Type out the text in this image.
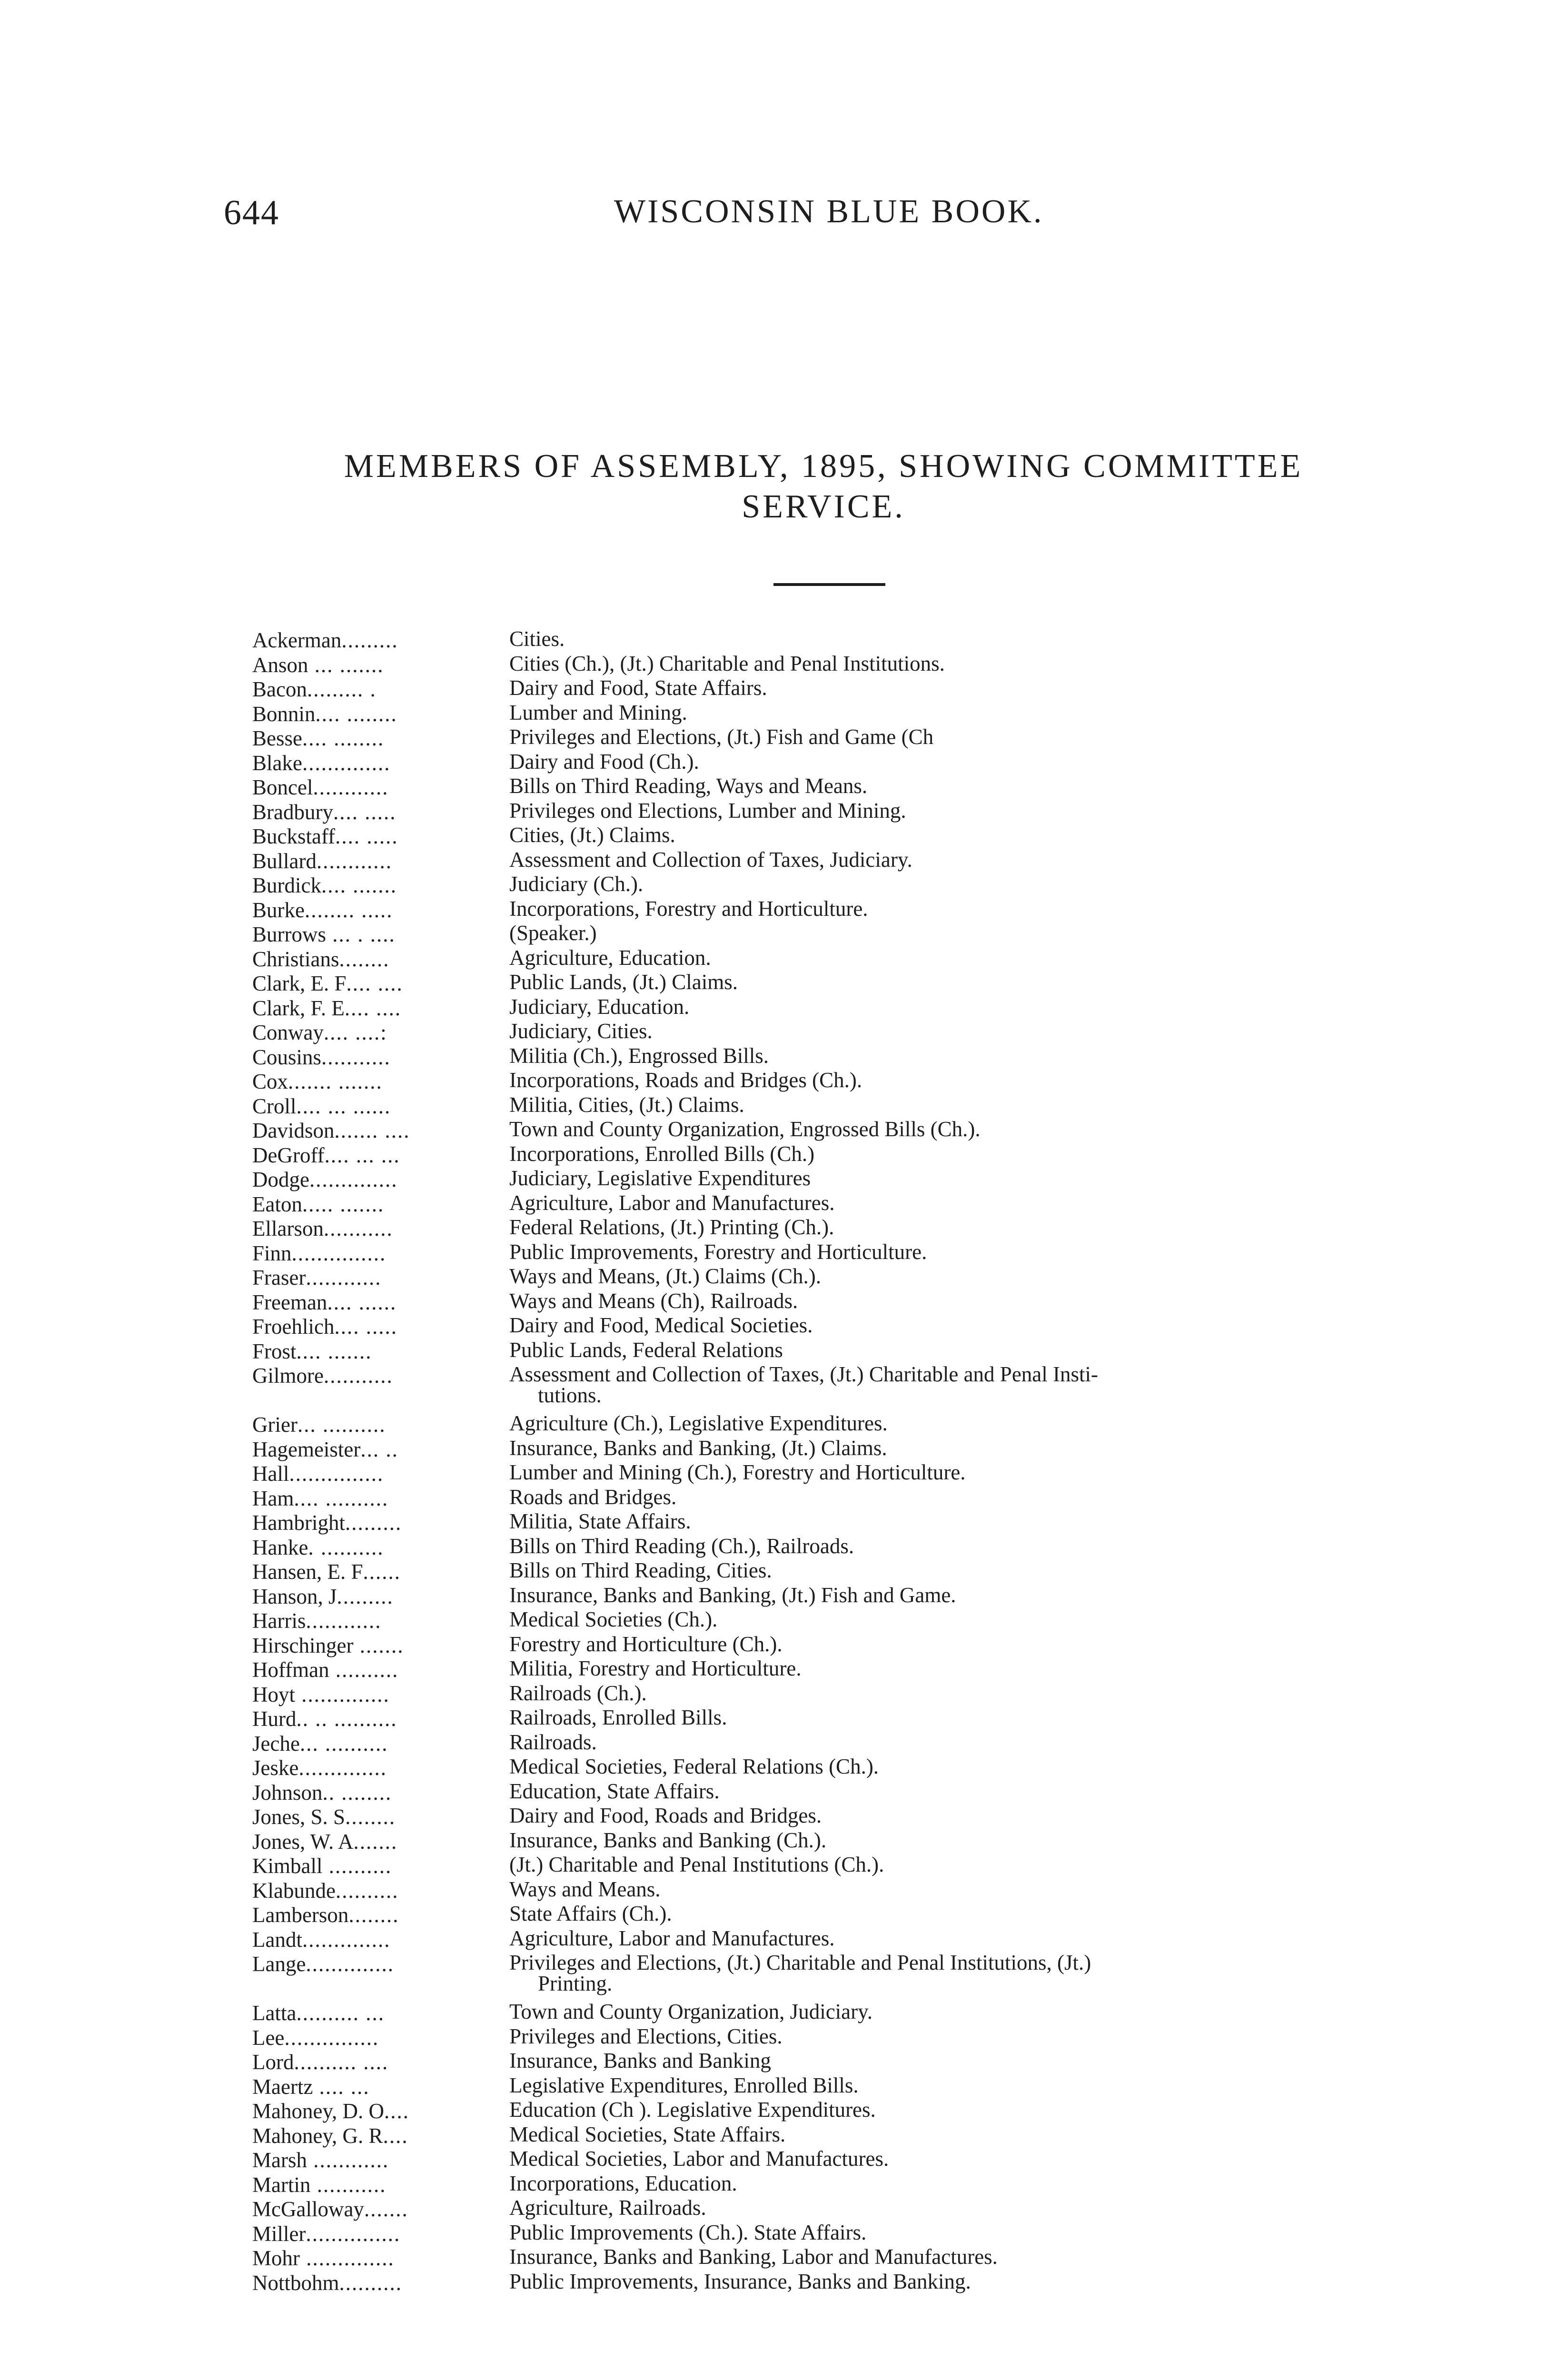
644	WISCONSIN BLUE BOOK.
MEMBERS OF ASSEMBLY, 1895, SHOWING COMMITTEE
SERVICE.
Ackerman.........	Cities.
Anson ... .......	Cities (Ch.), (Jt.) Charitable and Penal Institutions.
Bacon......... .	Dairy and Food, State Affairs.
Bonnin.... ........	Lumber and Mining.
Besse.... ........	Privileges and Elections, (Jt.) Fish and Game (Ch
Blake..............	Dairy and Food (Ch.).
Boncel............	Bills on Third Reading, Ways and Means.
Bradbury.... .....	Privileges ond Elections, Lumber and Mining.
Buckstaff.... .....	Cities, (Jt.) Claims.
Bullard............	Assessment and Collection of Taxes, Judiciary.
Burdick.... .......	Judiciary (Ch.).
Burke........ .....	Incorporations, Forestry and Horticulture.
Burrows ... . ....	(Speaker.)
Christians........	Agriculture, Education.
Clark, E. F.... ....	Public Lands, (Jt.) Claims.
Clark, F. E.... ....	Judiciary, Education.
Conway.... ....:	Judiciary, Cities.
Cousins...........	Militia (Ch.), Engrossed Bills.
Cox....... .......	Incorporations, Roads and Bridges (Ch.).
Croll.... ... ......	Militia, Cities, (Jt.) Claims.
Davidson....... ....	Town and County Organization, Engrossed Bills (Ch.).
DeGroff.... ... ...	Incorporations, Enrolled Bills (Ch.)
Dodge..............	Judiciary, Legislative Expenditures
Eaton..... .......	Agriculture, Labor and Manufactures.
Ellarson...........	Federal Relations, (Jt.) Printing (Ch.).
Finn...............	Public Improvements, Forestry and Horticulture.
Fraser............	Ways and Means, (Jt.) Claims (Ch.).
Freeman.... ......	Ways and Means (Ch), Railroads.
Froehlich.... .....	Dairy and Food, Medical Societies.
Frost.... .......	Public Lands, Federal Relations
Gilmore...........	Assessment and Collection of Taxes, (Jt.) Charitable and Penal Insti-
tutions.
Grier... ..........	Agriculture (Ch.), Legislative Expenditures.
Hagemeister... ..	Insurance, Banks and Banking, (Jt.) Claims.
Hall...............	Lumber and Mining (Ch.), Forestry and Horticulture.
Ham.... ..........	Roads and Bridges.
Hambright.........	Militia, State Affairs.
Hanke. ..........	Bills on Third Reading (Ch.), Railroads.
Hansen, E. F......	Bills on Third Reading, Cities.
Hanson, J.........	Insurance, Banks and Banking, (Jt.) Fish and Game.
Harris............	Medical Societies (Ch.).
Hirschinger .......	Forestry and Horticulture (Ch.).
Hoffman ..........	Militia, Forestry and Horticulture.
Hoyt ..............	Railroads (Ch.).
Hurd.. .. ..........	Railroads, Enrolled Bills.
Jeche... ..........	Railroads.
Jeske..............	Medical Societies, Federal Relations (Ch.).
Johnson.. ........	Education, State Affairs.
Jones, S. S........	Dairy and Food, Roads and Bridges.
Jones, W. A.......	Insurance, Banks and Banking (Ch.).
Kimball ..........	(Jt.) Charitable and Penal Institutions (Ch.).
Klabunde..........	Ways and Means.
Lamberson........	State Affairs (Ch.).
Landt..............	Agriculture, Labor and Manufactures.
Lange..............	Privileges and Elections, (Jt.) Charitable and Penal Institutions, (Jt.)
Printing.
Latta.......... ...	Town and County Organization, Judiciary.
Lee...............	Privileges and Elections, Cities.
Lord.......... ....	Insurance, Banks and Banking
Maertz .... ...	Legislative Expenditures, Enrolled Bills.
Mahoney, D. O....	Education (Ch ). Legislative Expenditures.
Mahoney, G. R....	Medical Societies, State Affairs.
Marsh ............	Medical Societies, Labor and Manufactures.
Martin ...........	Incorporations, Education.
McGalloway.......	Agriculture, Railroads.
Miller...............	Public Improvements (Ch.). State Affairs.
Mohr ..............	Insurance, Banks and Banking, Labor and Manufactures.
Nottbohm..........	Public Improvements, Insurance, Banks and Banking.
